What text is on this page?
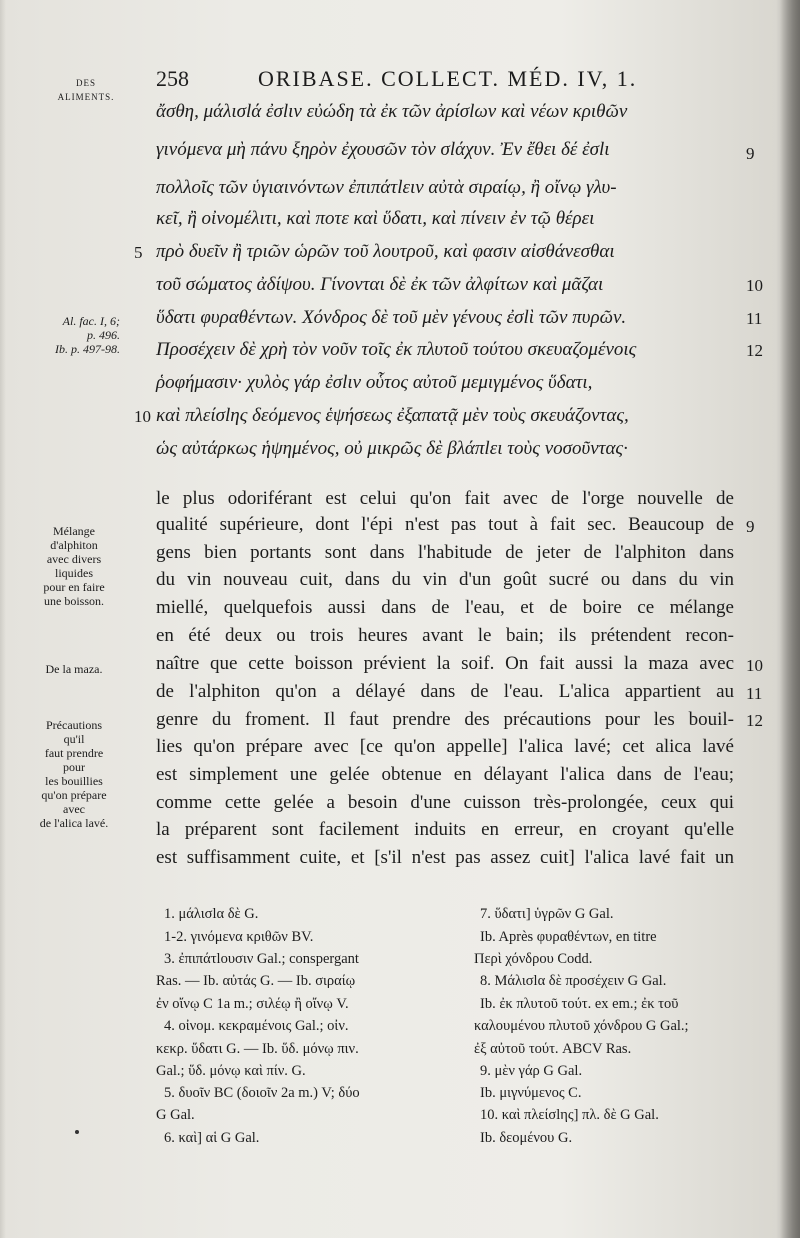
DES
ALIMENTS.
258	ORIBASE. COLLECT. MÉD. IV, 1.
ἄσθη, μάλισlά ἐσlιν εὐώδη τὰ ἐκ τῶν ἀρίσlων καὶ νέων κριθῶν
γινόμενα μὴ πάνυ ξηρὸν ἐχουσῶν τὸν σlάχυν. Ἐν ἔθει δέ ἐσlι
πολλοῖς τῶν ὑγιαινόντων ἐπιπάτlειν αὐτὰ σιραίῳ, ἢ οἴνῳ γλυ-
κεῖ, ἢ οἰνομέλιτι, καὶ ποτε καὶ ὕδατι, καὶ πίνειν ἐν τῷ θέρει
πρὸ δυεῖν ἢ τριῶν ὡρῶν τοῦ λουτροῦ, καὶ φασιν αἰσθάνεσθαι
τοῦ σώματος ἀδίψου. Γίνονται δὲ ἐκ τῶν ἀλφίτων καὶ μᾶζαι
ὕδατι φυραθέντων. Χόνδρος δὲ τοῦ μὲν γένους ἐσlὶ τῶν πυρῶν.
Προσέχειν δὲ χρὴ τὸν νοῦν τοῖς ἐκ πλυτοῦ τούτου σκευαζομένοις
ῥοφήμασιν· χυλὸς γάρ ἐσlιν οὗτος αὐτοῦ μεμιγμένος ὕδατι,
καὶ πλείσlης δεόμενος ἑψήσεως ἐξαπατᾷ μὲν τοὺς σκευάζοντας,
ὡς αὐτάρκως ἡψημένος, οὐ μικρῶς δὲ βλάπlει τοὺς νοσοῦντας·
9
10
11
12
5
10
Al. fac. I, 6;
p. 496.
Ib. p. 497-98.
le plus odoriférant est celui qu'on fait avec de l'orge nouvelle de
qualité supérieure, dont l'épi n'est pas tout à fait sec. Beaucoup de
gens bien portants sont dans l'habitude de jeter de l'alphiton dans
du vin nouveau cuit, dans du vin d'un goût sucré ou dans du vin
miellé, quelquefois aussi dans de l'eau, et de boire ce mélange
en été deux ou trois heures avant le bain; ils prétendent recon-
naître que cette boisson prévient la soif. On fait aussi la maza avec
de l'alphiton qu'on a délayé dans de l'eau. L'alica appartient au
genre du froment. Il faut prendre des précautions pour les bouil-
lies qu'on prépare avec [ce qu'on appelle] l'alica lavé; cet alica lavé
est simplement une gelée obtenue en délayant l'alica dans de l'eau;
comme cette gelée a besoin d'une cuisson très-prolongée, ceux qui
la préparent sont facilement induits en erreur, en croyant qu'elle
est suffisamment cuite, et [s'il n'est pas assez cuit] l'alica lavé fait un
9
10
11
12
Mélange
d'alphiton
avec divers
liquides
pour en faire
une boisson.
De la maza.
Précautions
qu'il
faut prendre
pour
les bouillies
qu'on prépare
avec
de l'alica lavé.
1. μάλισlα δὲ G.
1-2. γινόμενα κριθῶν BV.
3. ἐπιπάτlουσιν Gal.; conspergant
Ras. — Ib. αὐτάς G. — Ib. σιραίῳ
ἐν οἴνῳ C 1a m.; σιλέῳ ἢ οἴνῳ V.
4. οἰνομ. κεκραμένοις Gal.; οἰν.
κεκρ. ὕδατι G. — Ib. ὕδ. μόνῳ πιν.
Gal.; ὕδ. μόνῳ καὶ πίν. G.
5. δυοῖν BC (δοιοῖν 2a m.) V; δύο
G Gal.
6. καὶ] αἱ G Gal.
7. ὕδατι] ὑγρῶν G Gal.
Ib. Après φυραθέντων, en titre
Περὶ χόνδρου Codd.
8. Μάλισlα δὲ προσέχειν G Gal.
Ib. ἐκ πλυτοῦ τούτ. ex em.; ἐκ τοῦ
καλουμένου πλυτοῦ χόνδρου G Gal.;
ἐξ αὐτοῦ τούτ. ABCV Ras.
9. μὲν γάρ G Gal.
Ib. μιγνύμενος C.
10. καὶ πλείσlης] πλ. δὲ G Gal.
Ib. δεομένου G.
